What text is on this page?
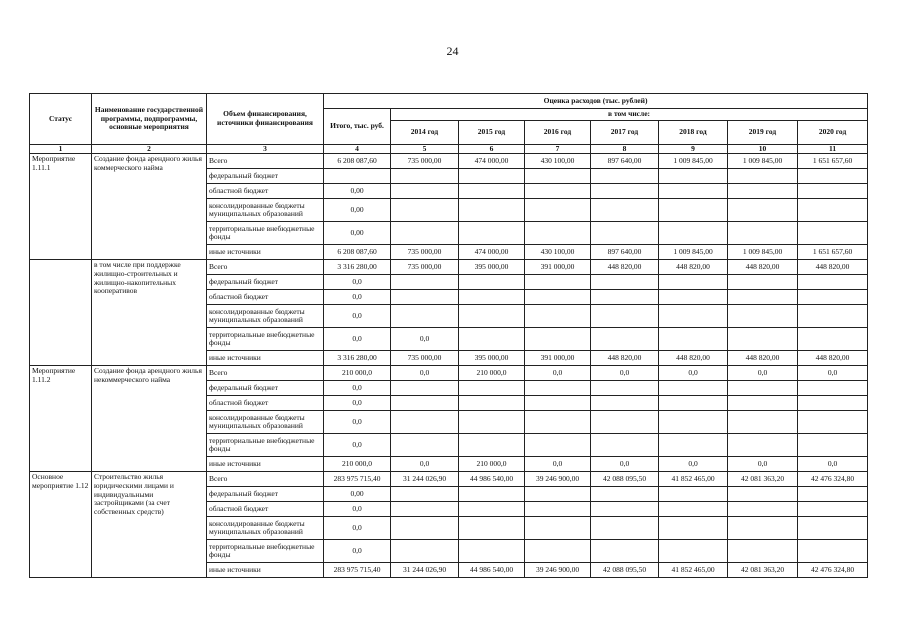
24
Статус	Наименование государственной программы, подпрограммы, основные мероприятия	Объем финансирования, источники финансирования	Оценка расходов (тыс. рублей)							
			Итого, тыс. руб.	в том числе:						
				2014 год	2015 год	2016 год	2017 год	2018 год	2019 год	2020 год
1	2	3	4	5	6	7	8	9	10	11
Мероприятие 1.11.1	Создание фонда арендного жилья коммерческого найма	Всего	6 208 087,60	735 000,00	474 000,00	430 100,00	897 640,00	1 009 845,00	1 009 845,00	1 651 657,60
		федеральный бюджет								
		областной бюджет	0,00							
		консолидированные бюджеты муниципальных образований	0,00							
		территориальные внебюджетные фонды	0,00							
		иные источники	6 208 087,60	735 000,00	474 000,00	430 100,00	897 640,00	1 009 845,00	1 009 845,00	1 651 657,60
	в том числе при поддержке жилищно-строительных и жилищно-накопительных кооперативов	Всего	3 316 280,00	735 000,00	395 000,00	391 000,00	448 820,00	448 820,00	448 820,00	448 820,00
		федеральный бюджет	0,0							
		областной бюджет	0,0							
		консолидированные бюджеты муниципальных образований	0,0							
		территориальные внебюджетные фонды	0,0	0,0						
		иные источники	3 316 280,00	735 000,00	395 000,00	391 000,00	448 820,00	448 820,00	448 820,00	448 820,00
Мероприятие 1.11.2	Создание фонда арендного жилья некоммерческого найма	Всего	210 000,0	0,0	210 000,0	0,0	0,0	0,0	0,0	0,0
		федеральный бюджет	0,0							
		областной бюджет	0,0							
		консолидированные бюджеты муниципальных образований	0,0							
		территориальные внебюджетные фонды	0,0							
		иные источники	210 000,0	0,0	210 000,0	0,0	0,0	0,0	0,0	0,0
Основное мероприятие 1.12	Строительство жилья юридическими лицами и индивидуальными застройщиками (за счет собственных средств)	Всего	283 975 715,40	31 244 026,90	44 986 540,00	39 246 900,00	42 088 095,50	41 852 465,00	42 081 363,20	42 476 324,80
		федеральный бюджет	0,00							
		областной бюджет	0,0							
		консолидированные бюджеты муниципальных образований	0,0							
		территориальные внебюджетные фонды	0,0							
		иные источники	283 975 715,40	31 244 026,90	44 986 540,00	39 246 900,00	42 088 095,50	41 852 465,00	42 081 363,20	42 476 324,80
